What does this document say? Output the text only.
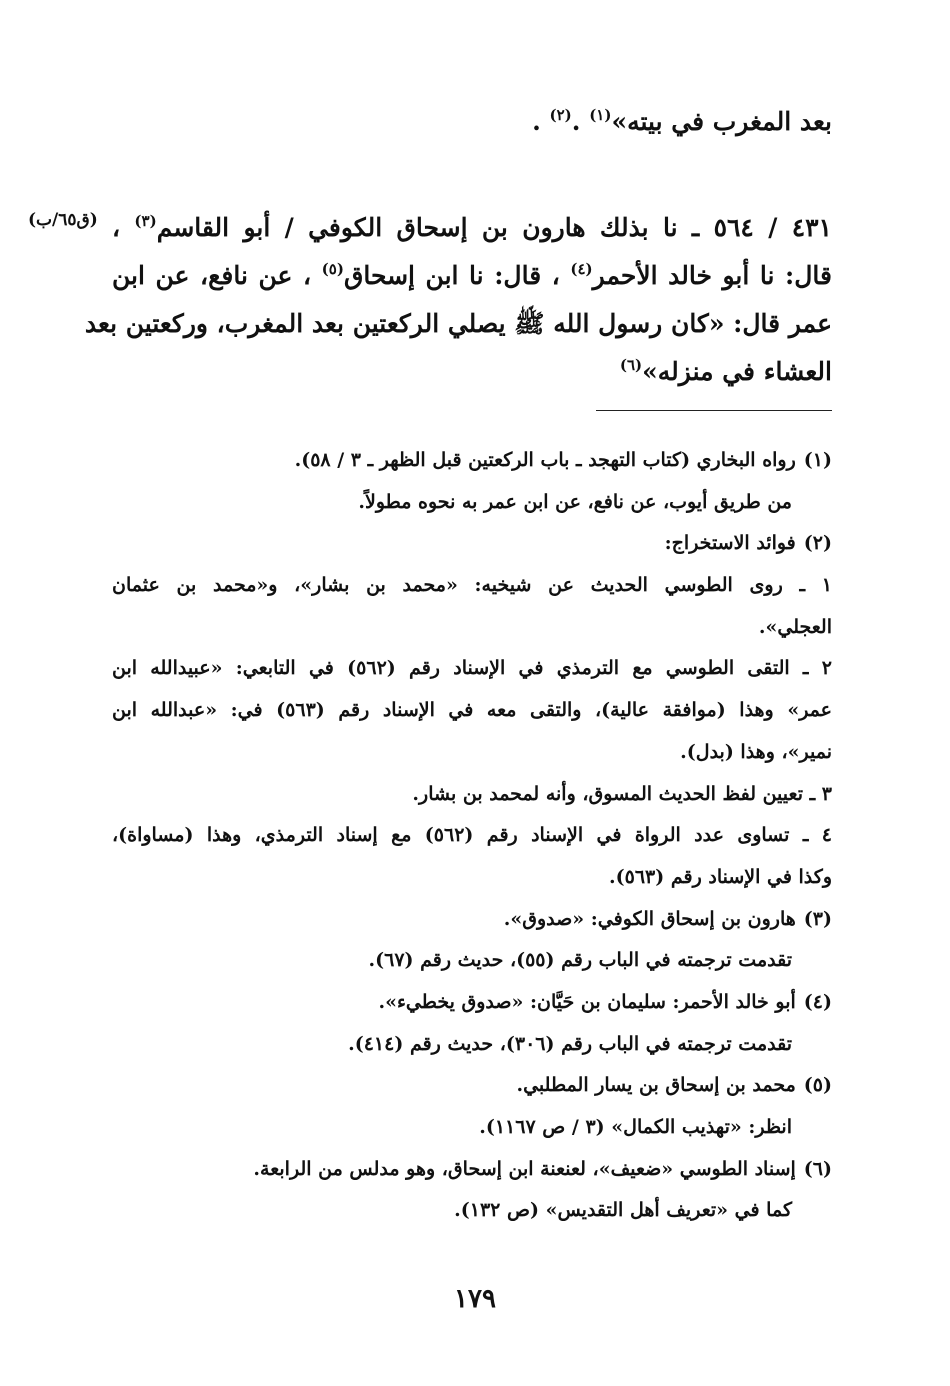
بعد المغرب في بيته»$^{(١)}$ .$^{(٢)}$ .
(ق٦٥/ب)	٤٣١ / ٥٦٤ ـ نا بذلك هارون بن إسحاق الكوفي / أبو القاسم$^{(٣)}$ ،
قال: نا أبو خالد الأحمر$^{(٤)}$ ، قال: نا ابن إسحاق$^{(٥)}$ ، عن نافع، عن ابن
عمر قال: «كان رسول الله ﷺ يصلي الركعتين بعد المغرب، وركعتين بعد
العشاء في منزله»$^{(٦)}$
(١)رواه البخاري (كتاب التهجد ـ باب الركعتين قبل الظهر ـ ٣ / ٥٨).
من طريق أيوب، عن نافع، عن ابن عمر به نحوه مطولاً.
(٢)فوائد الاستخراج:
١ ـ روى الطوسي الحديث عن شيخيه: «محمد بن بشار»، و«محمد بن عثمان
العجلي».
٢ ـ التقى الطوسي مع الترمذي في الإسناد رقم (٥٦٢) في التابعي: «عبيدالله ابن
عمر» وهذا (موافقة عالية)، والتقى معه في الإسناد رقم (٥٦٣) في: «عبدالله ابن
نمير»، وهذا (بدل).
٣ ـ تعيين لفظ الحديث المسوق، وأنه لمحمد بن بشار.
٤ ـ تساوى عدد الرواة في الإسناد رقم (٥٦٢) مع إسناد الترمذي، وهذا (مساواة)،
وكذا في الإسناد رقم (٥٦٣).
(٣)هارون بن إسحاق الكوفي: «صدوق».
تقدمت ترجمته في الباب رقم (٥٥)، حديث رقم (٦٧).
(٤)أبو خالد الأحمر: سليمان بن حَيَّان: «صدوق يخطيء».
تقدمت ترجمته في الباب رقم (٣٠٦)، حديث رقم (٤١٤).
(٥)محمد بن إسحاق بن يسار المطلبي.
انظر: «تهذيب الكمال» (٣ / ص ١١٦٧).
(٦)إسناد الطوسي «ضعيف»، لعنعنة ابن إسحاق، وهو مدلس من الرابعة.
كما في «تعريف أهل التقديس» (ص ١٣٢).
١٧٩
